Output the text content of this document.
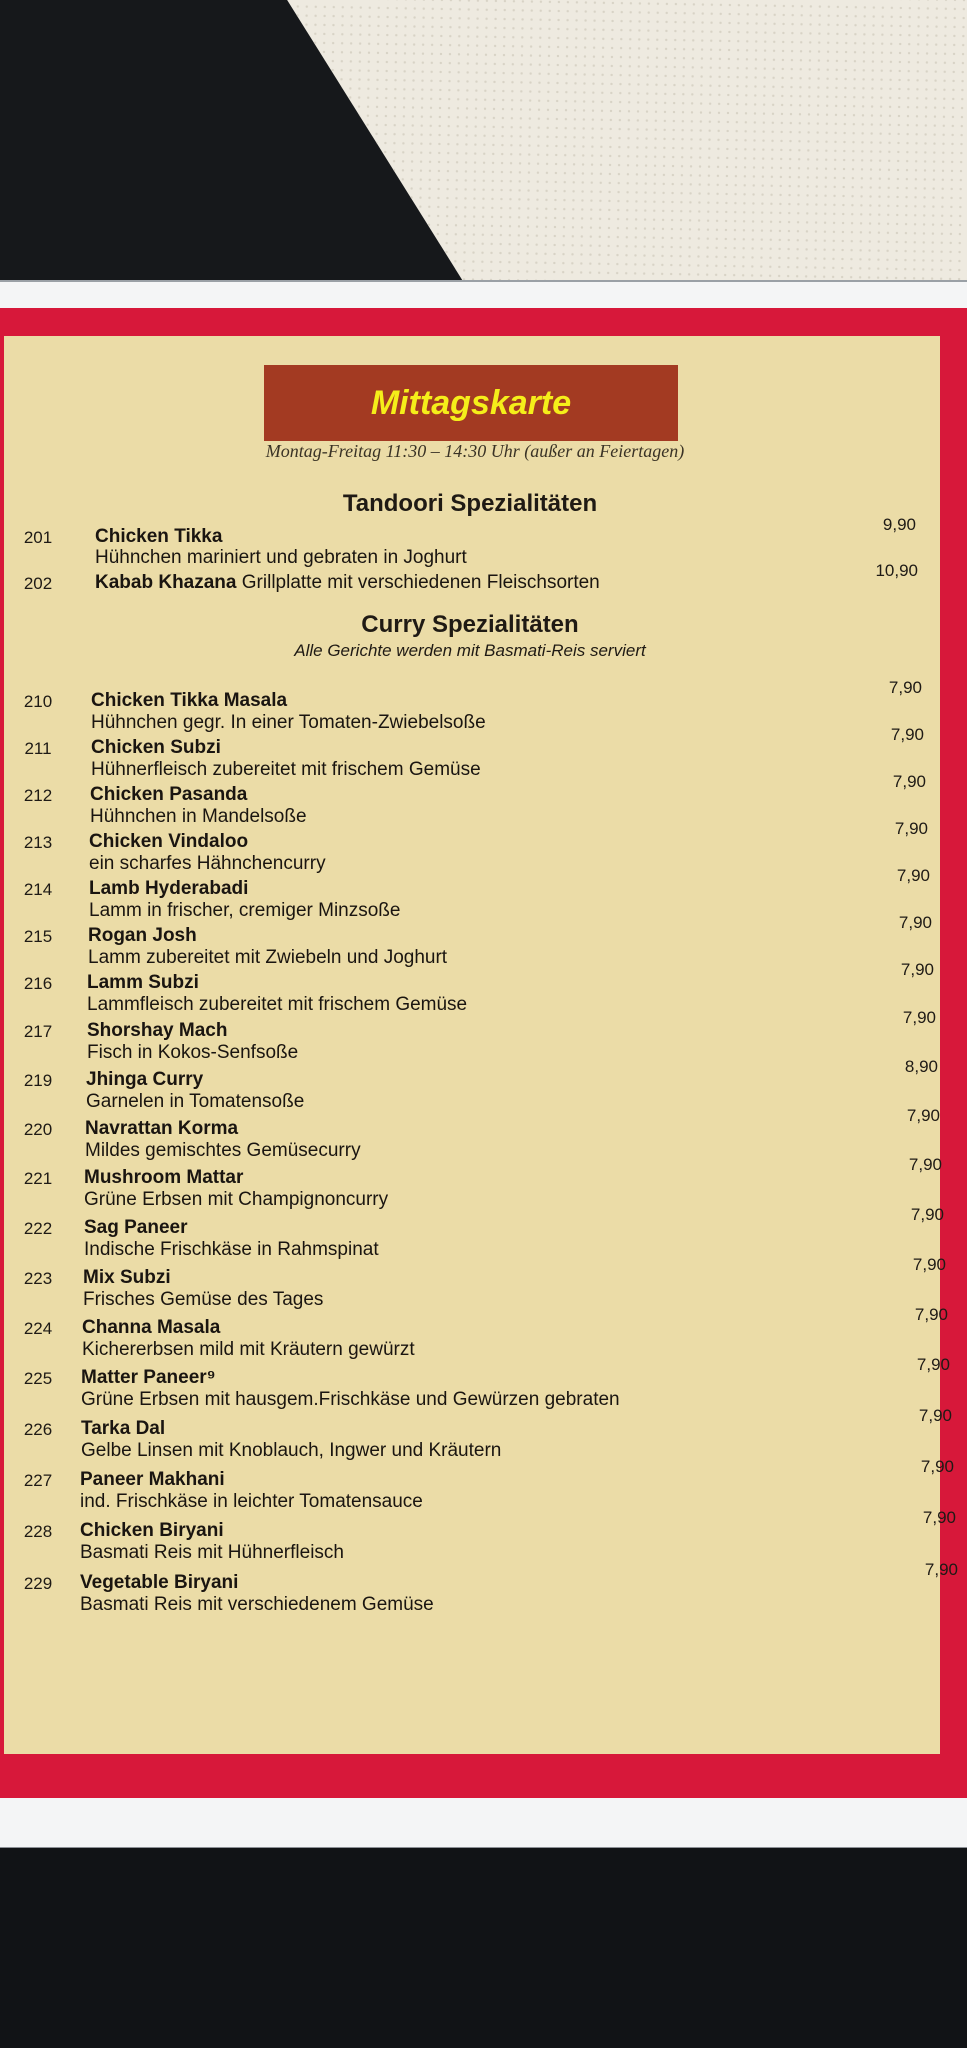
Mittagskarte
Montag-Freitag 11:30 – 14:30 Uhr (außer an Feiertagen)
Tandoori Spezialitäten
201	Chicken Tikka
Hühnchen mariniert und gebraten in Joghurt
9,90
202	Kabab Khazana Grillplatte mit verschiedenen Fleischsorten
10,90
Curry Spezialitäten
Alle Gerichte werden mit Basmati-Reis serviert
210	Chicken Tikka Masala
Hühnchen gegr. In einer Tomaten-Zwiebelsoße
7,90
211	Chicken Subzi
Hühnerfleisch zubereitet mit frischem Gemüse
7,90
212	Chicken Pasanda
Hühnchen in Mandelsoße
7,90
213	Chicken Vindaloo
ein scharfes Hähnchencurry
7,90
214	Lamb Hyderabadi
Lamm in frischer, cremiger Minzsoße
7,90
215	Rogan Josh
Lamm zubereitet mit Zwiebeln und Joghurt
7,90
216	Lamm Subzi
Lammfleisch zubereitet mit frischem Gemüse
7,90
217	Shorshay Mach
Fisch in Kokos-Senfsoße
7,90
219	Jhinga Curry
Garnelen in Tomatensoße
8,90
220	Navrattan Korma
Mildes gemischtes Gemüsecurry
7,90
221	Mushroom Mattar
Grüne Erbsen mit Champignoncurry
7,90
222	Sag Paneer
Indische Frischkäse in Rahmspinat
7,90
223	Mix Subzi
Frisches Gemüse des Tages
7,90
224	Channa Masala
Kichererbsen mild mit Kräutern gewürzt
7,90
225	Matter Paneer⁹
Grüne Erbsen mit hausgem.Frischkäse und Gewürzen gebraten
7,90
226	Tarka Dal
Gelbe Linsen mit Knoblauch, Ingwer und Kräutern
7,90
227	Paneer Makhani
ind. Frischkäse in leichter Tomatensauce
7,90
228	Chicken Biryani
Basmati Reis mit Hühnerfleisch
7,90
229	Vegetable Biryani
Basmati Reis mit verschiedenem Gemüse
7,90
